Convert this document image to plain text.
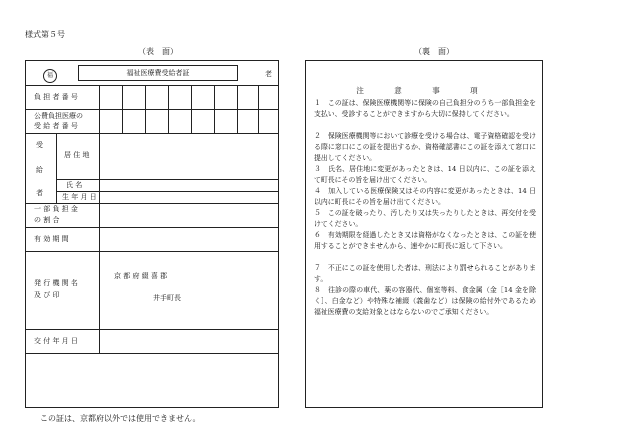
様式第５号
（表　面）	（裏　面）
福	福祉医療費受給者証	老
負 担 者 番 号
公費負担医療の
受 給 者 番 号
受
給
者
居 住 地
氏 名
生 年 月 日
一 部 負 担 金
の 割 合
有 効 期 間
発 行 機 関 名
及 び 印
京 都 府 綴 喜 郡
井手町長
交 付 年 月 日
注 意 事 項
１　この証は、保険医療機関等に保険の自己負担分のうち一部負担金を支払い、受診することができますから大切に保持してください。
２　保険医療機関等において診療を受ける場合は、電子資格確認を受ける際に窓口にこの証を提出するか、資格確認書にこの証を添えて窓口に提出してください。
３　氏名、居住地に変更があったときは、14 日以内に、この証を添えて町長にその旨を届け出てください。
４　加入している医療保険又はその内容に変更があったときは、14 日以内に町長にその旨を届け出てください。
５　この証を破ったり、汚したり又は失ったりしたときは、再交付を受けてください。
６　有効期限を経過したとき又は資格がなくなったときは、この証を使用することができませんから、速やかに町長に返して下さい。
７　不正にこの証を使用した者は、刑法により罰せられることがあります。
８　往診の際の車代、薬の容器代、個室等料、食金属（金［14 金を除く］、白金など）や特殊な補綴（義歯など）は保険の給付外であるため福祉医療費の支給対象とはならないのでご承知ください。
この証は、京都府以外では使用できません。
